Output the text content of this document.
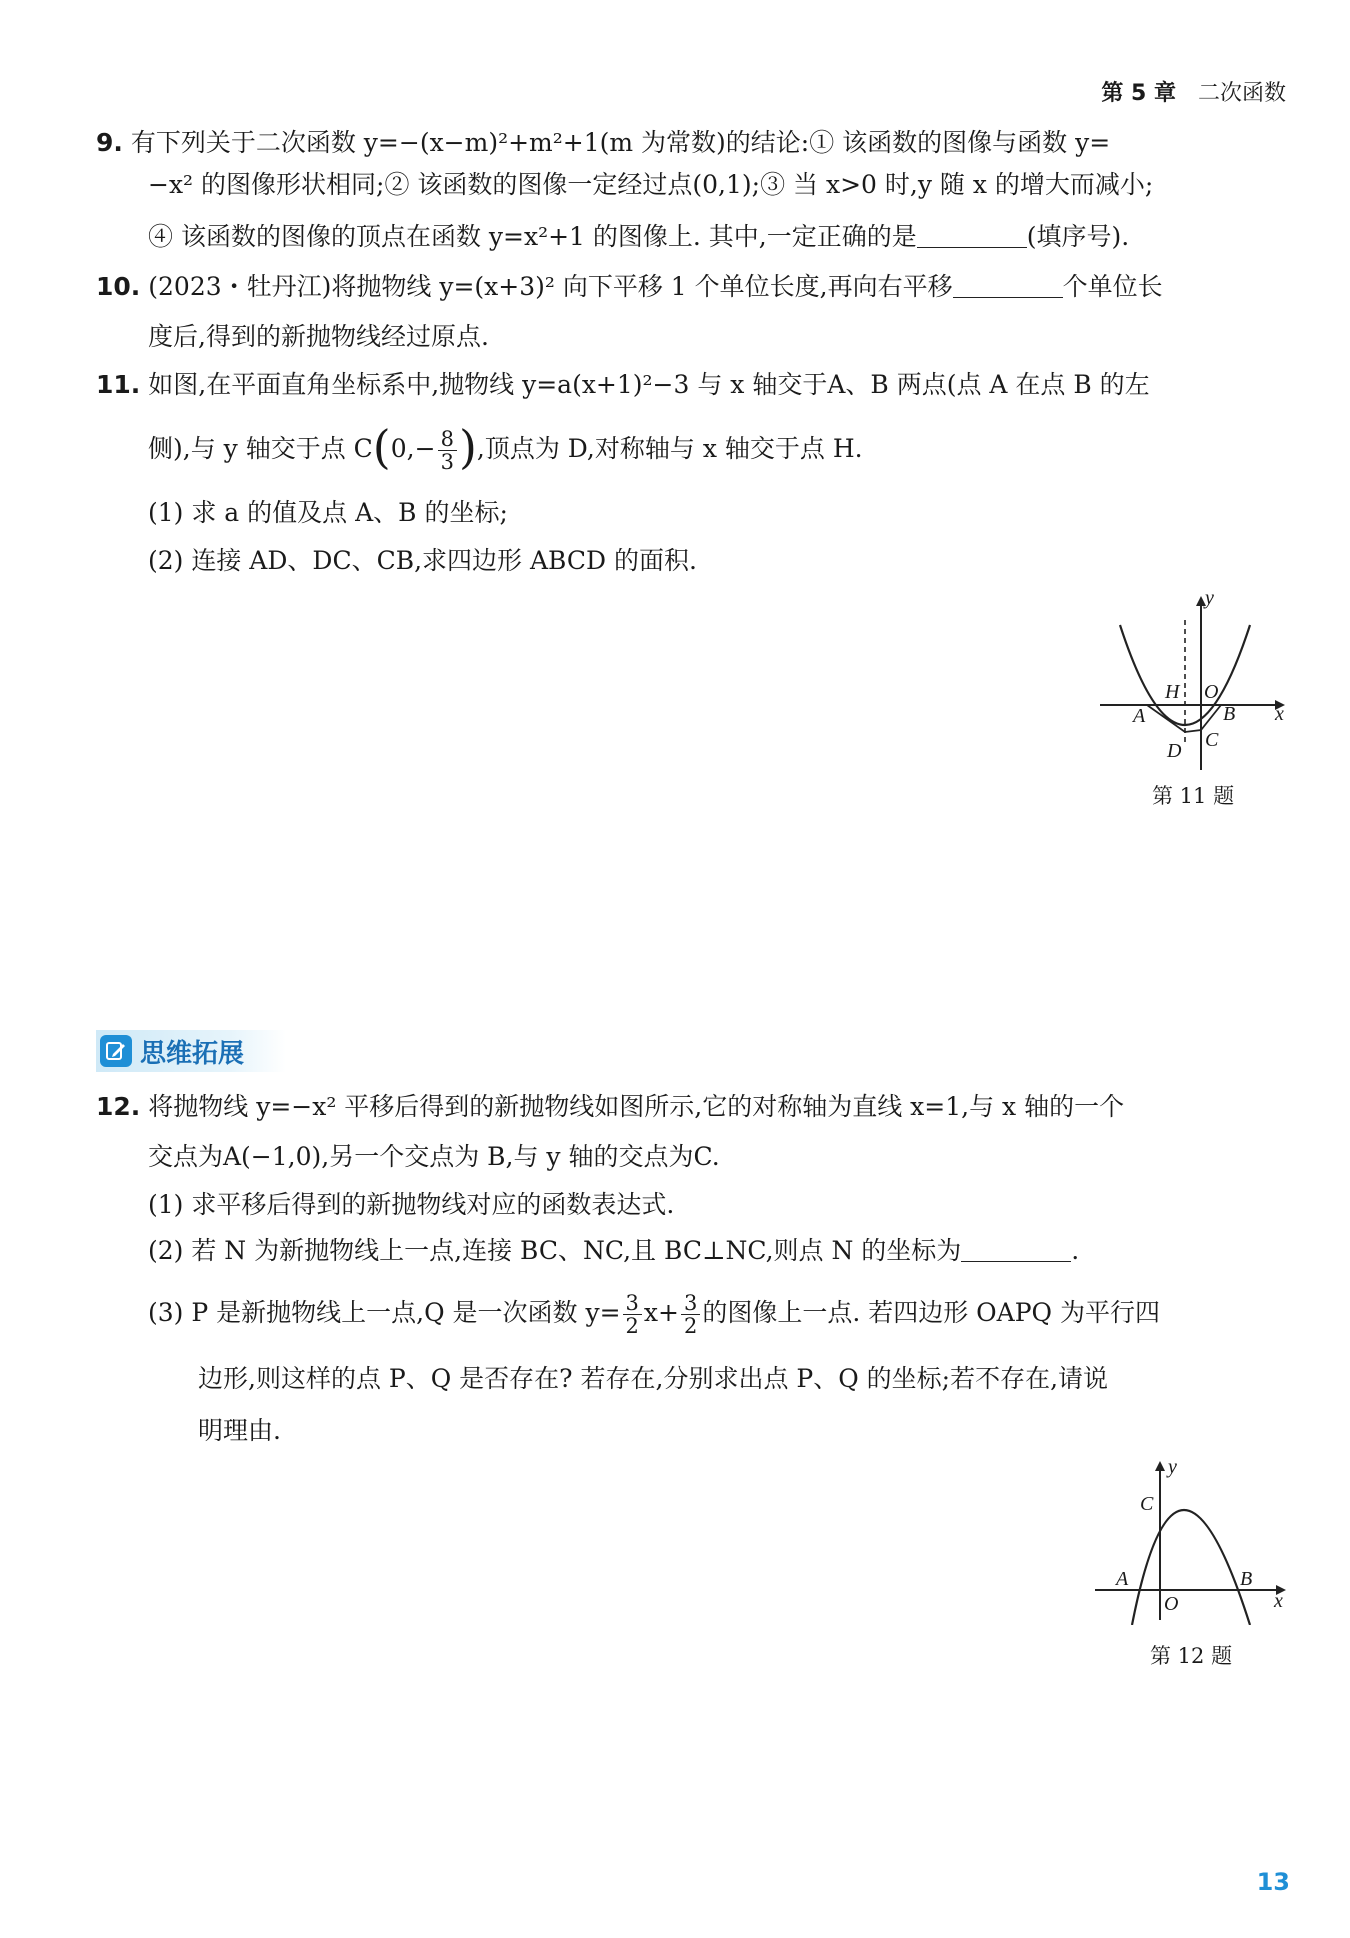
第 5 章 二次函数
9. 有下列关于二次函数 y=−(x−m)²+m²+1(m 为常数)的结论:① 该函数的图像与函数 y=
−x² 的图像形状相同;② 该函数的图像一定经过点(0,1);③ 当 x>0 时,y 随 x 的增大而减小;
④ 该函数的图像的顶点在函数 y=x²+1 的图像上. 其中,一定正确的是	(填序号).
10. (2023・牡丹江)将抛物线 y=(x+3)² 向下平移 1 个单位长度,再向右平移	个单位长
度后,得到的新抛物线经过原点.
11. 如图,在平面直角坐标系中,抛物线 y=a(x+1)²−3 与 x 轴交于A、B 两点(点 A 在点 B 的左
侧),与 y 轴交于点 $C(0,- \frac{8}{3}$ ),顶点为 D,对称轴与 x 轴交于点 H.
(1) 求 a 的值及点 A、B 的坐标;
(2) 连接 AD、DC、CB,求四边形 ABCD 的面积.
y
x
H O
A	B
C
D
第 11 题
思维拓展
12. 将抛物线 y=−x² 平移后得到的新抛物线如图所示,它的对称轴为直线 x=1,与 x 轴的一个
交点为A(−1,0),另一个交点为 B,与 y 轴的交点为C.
(1) 求平移后得到的新抛物线对应的函数表达式.
(2) 若 N 为新抛物线上一点,连接 BC、NC,且 BC⊥NC,则点 N 的坐标为	.
(3) P 是新抛物线上一点,Q 是一次函数 $y= \frac{3}{2} x+ \frac{3}{2}$ 的图像上一点. 若四边形 OAPQ 为平行四
边形,则这样的点 P、Q 是否存在? 若存在,分别求出点 P、Q 的坐标;若不存在,请说
明理由.
y
x
C
A
O
B
第 12 题
13
